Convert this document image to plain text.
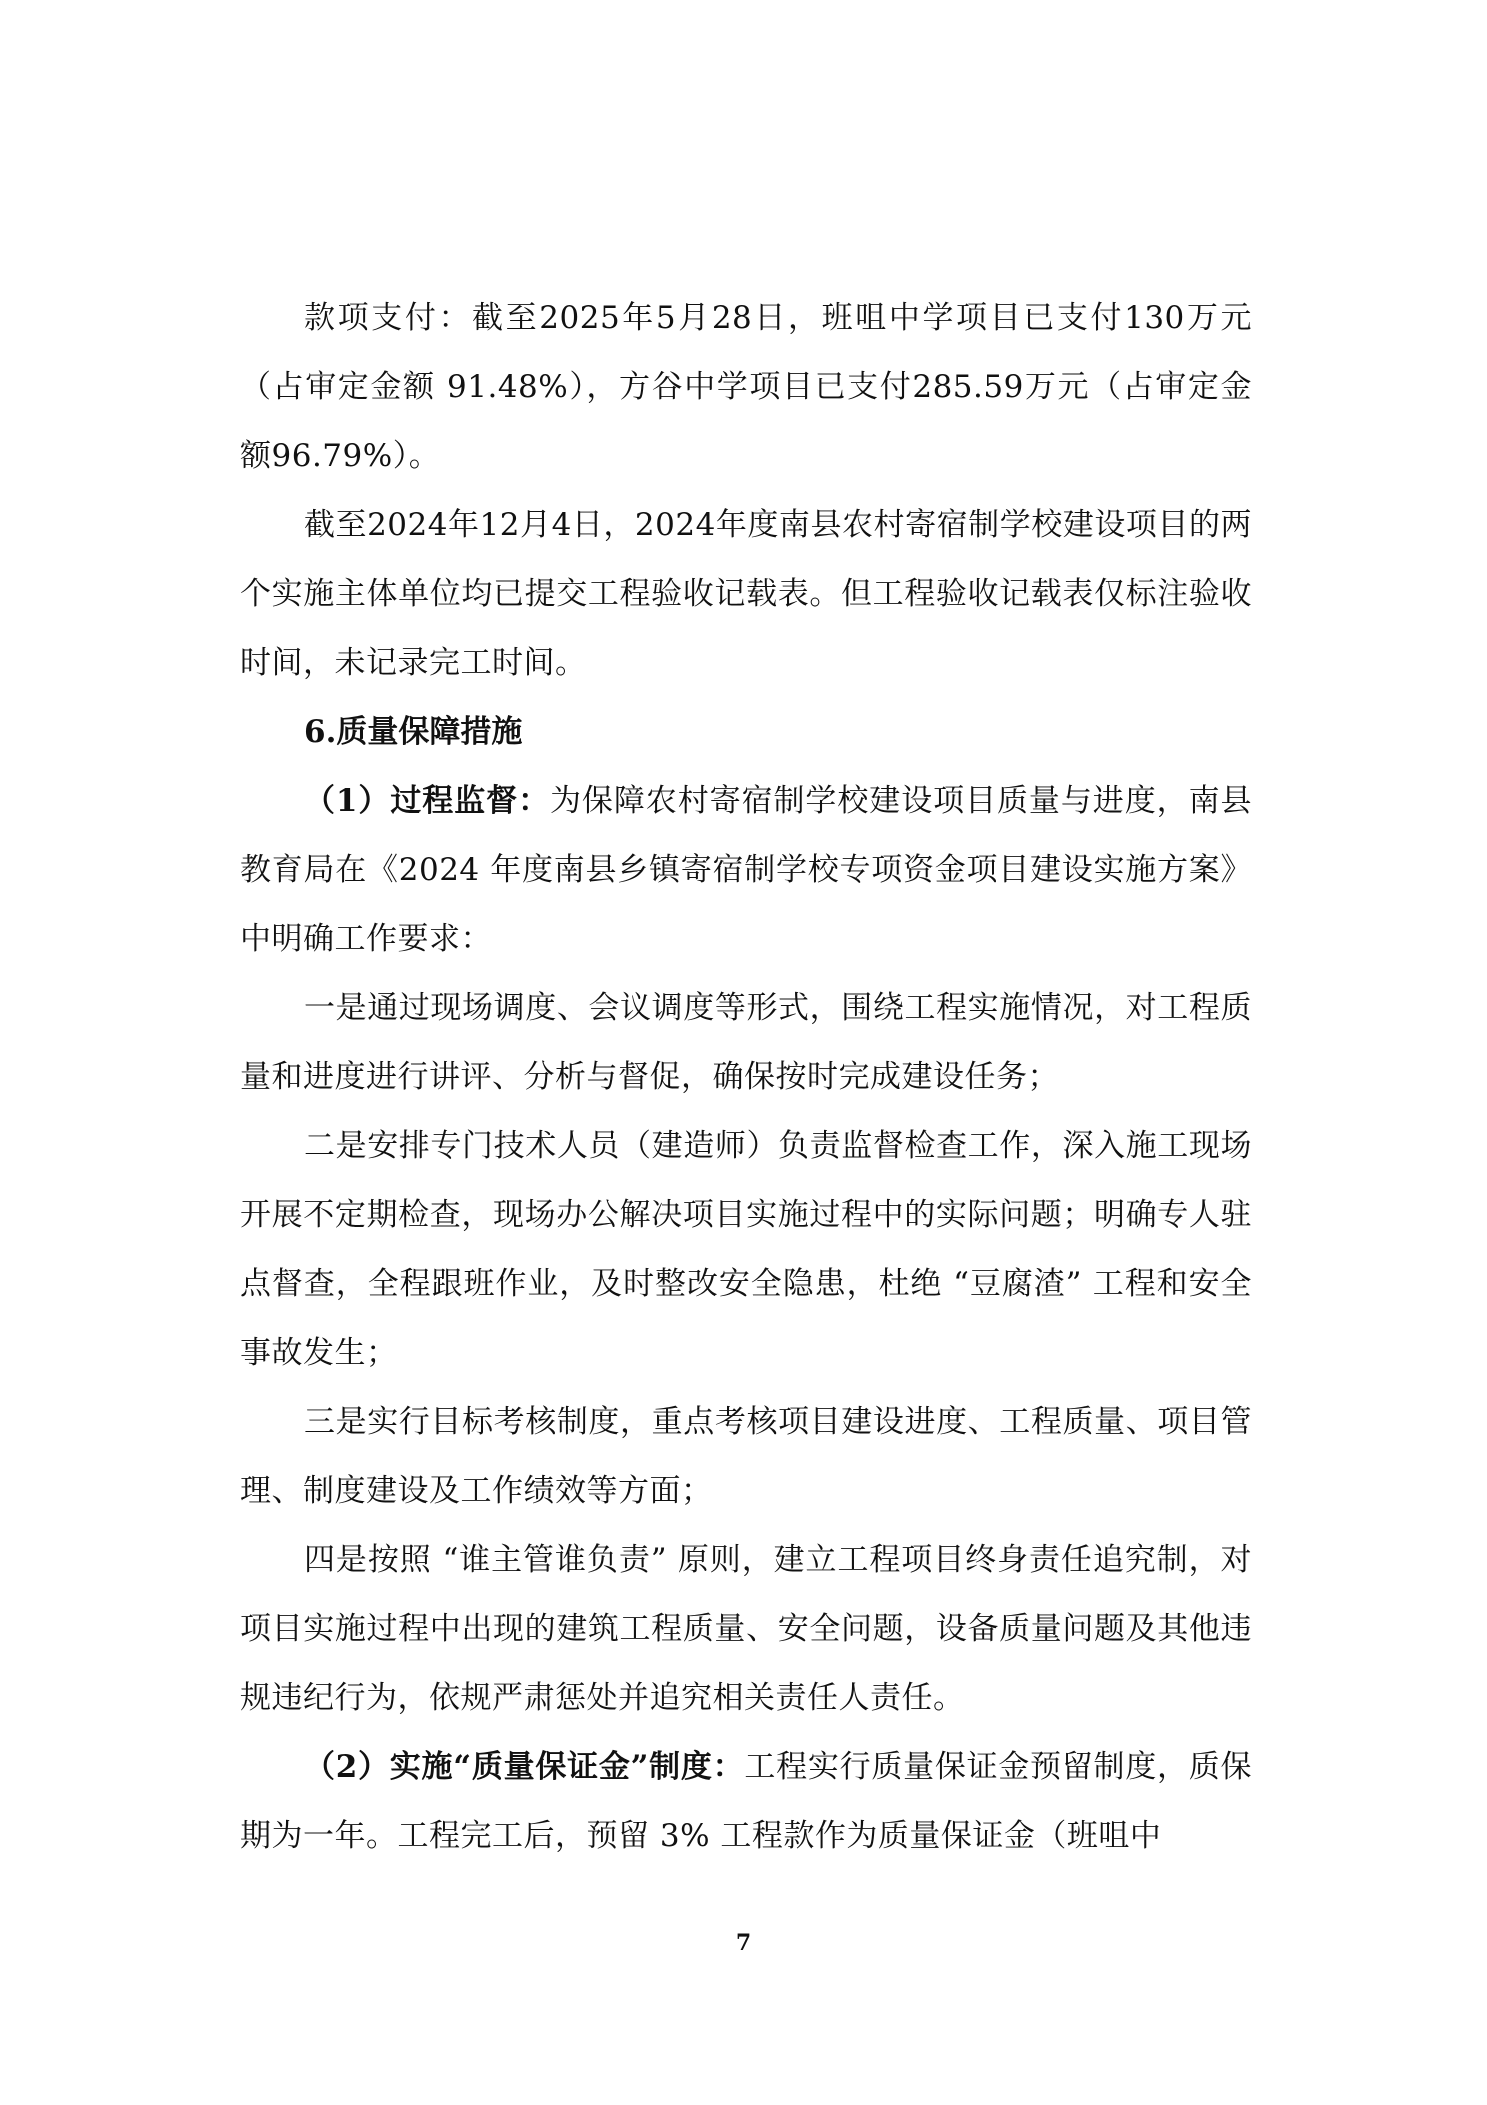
款项支付：截至2025年5月28日，班咀中学项目已支付130万元（占审定金额 91.48%），方谷中学项目已支付285.59万元（占审定金额96.79%）。

截至2024年12月4日，2024年度南县农村寄宿制学校建设项目的两个实施主体单位均已提交工程验收记载表。但工程验收记载表仅标注验收时间，未记录完工时间。

6.质量保障措施

（1）过程监督：为保障农村寄宿制学校建设项目质量与进度，南县教育局在《2024 年度南县乡镇寄宿制学校专项资金项目建设实施方案》中明确工作要求：

一是通过现场调度、会议调度等形式，围绕工程实施情况，对工程质量和进度进行讲评、分析与督促，确保按时完成建设任务；

二是安排专门技术人员（建造师）负责监督检查工作，深入施工现场开展不定期检查，现场办公解决项目实施过程中的实际问题；明确专人驻点督查，全程跟班作业，及时整改安全隐患，杜绝 “豆腐渣” 工程和安全事故发生；

三是实行目标考核制度，重点考核项目建设进度、工程质量、项目管理、制度建设及工作绩效等方面；

四是按照 “谁主管谁负责” 原则，建立工程项目终身责任追究制，对项目实施过程中出现的建筑工程质量、安全问题，设备质量问题及其他违规违纪行为，依规严肃惩处并追究相关责任人责任。

（2）实施“质量保证金”制度：工程实行质量保证金预留制度，质保期为一年。工程完工后，预留 3% 工程款作为质量保证金（班咀中

7
